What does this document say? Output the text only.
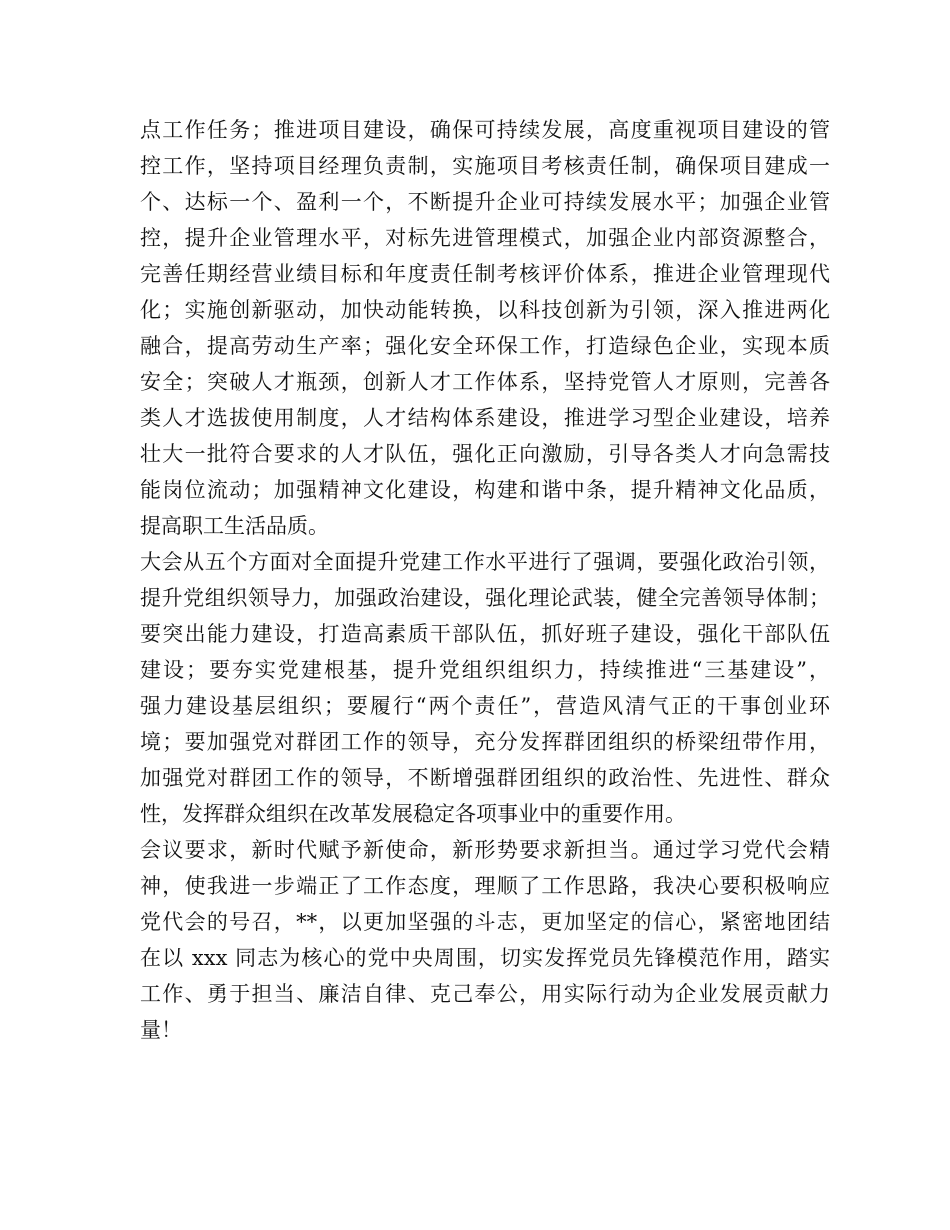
点工作任务；推进项目建设，确保可持续发展，高度重视项目建设的管
控工作，坚持项目经理负责制，实施项目考核责任制，确保项目建成一
个、达标一个、盈利一个，不断提升企业可持续发展水平；加强企业管
控，提升企业管理水平，对标先进管理模式，加强企业内部资源整合，
完善任期经营业绩目标和年度责任制考核评价体系，推进企业管理现代
化；实施创新驱动，加快动能转换，以科技创新为引领，深入推进两化
融合，提高劳动生产率；强化安全环保工作，打造绿色企业，实现本质
安全；突破人才瓶颈，创新人才工作体系，坚持党管人才原则，完善各
类人才选拔使用制度，人才结构体系建设，推进学习型企业建设，培养
壮大一批符合要求的人才队伍，强化正向激励，引导各类人才向急需技
能岗位流动；加强精神文化建设，构建和谐中条，提升精神文化品质，
提高职工生活品质。
大会从五个方面对全面提升党建工作水平进行了强调，要强化政治引领，
提升党组织领导力，加强政治建设，强化理论武装，健全完善领导体制；
要突出能力建设，打造高素质干部队伍，抓好班子建设，强化干部队伍
建设；要夯实党建根基，提升党组织组织力，持续推进“三基建设”，
强力建设基层组织；要履行“两个责任”，营造风清气正的干事创业环
境；要加强党对群团工作的领导，充分发挥群团组织的桥梁纽带作用，
加强党对群团工作的领导，不断增强群团组织的政治性、先进性、群众
性，发挥群众组织在改革发展稳定各项事业中的重要作用。
会议要求，新时代赋予新使命，新形势要求新担当。通过学习党代会精
神，使我进一步端正了工作态度，理顺了工作思路，我决心要积极响应
党代会的号召，**，以更加坚强的斗志，更加坚定的信心，紧密地团结
在以 xxx 同志为核心的党中央周围，切实发挥党员先锋模范作用，踏实
工作、勇于担当、廉洁自律、克己奉公，用实际行动为企业发展贡献力
量！
